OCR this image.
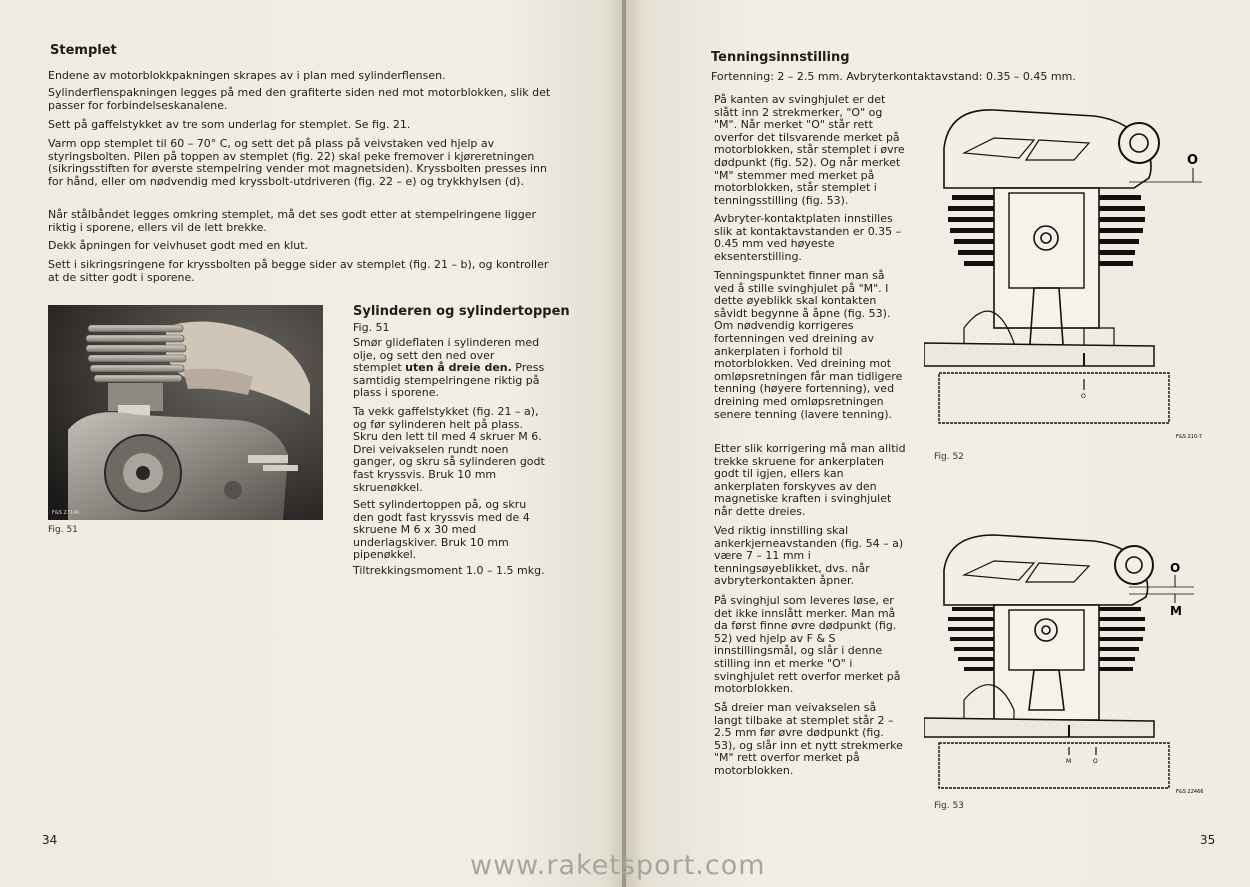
Stemplet

Endene av motorblokkpakningen skrapes av i plan med sylinderflensen.

Sylinderflenspakningen legges på med den grafiterte siden ned mot motorblokken, slik det passer for forbindelseskanalene.

Sett på gaffelstykket av tre som underlag for stemplet. Se fig. 21.

Varm opp stemplet til 60 – 70° C, og sett det på plass på veivstaken ved hjelp av styringsbolten. Pilen på toppen av stemplet (fig. 22) skal peke fremover i kjøreretningen (sikringsstiften for øverste stempelring vender mot magnetsiden). Kryssbolten presses inn for hånd, eller om nødvendig med kryssbolt-utdriveren (fig. 22 – e) og trykkhylsen (d).

Når stålbåndet legges omkring stemplet, må det ses godt etter at stempelringene ligger riktig i sporene, ellers vil de lett brekke.

Dekk åpningen for veivhuset godt med en klut.

Sett i sikringsringene for kryssbolten på begge sider av stemplet (fig. 21 – b), og kontroller at de sitter godt i sporene.

F&S 27146
Fig. 51
Sylinderen og sylindertoppen

Fig. 51

Smør glideflaten i sylinderen med olje, og sett den ned over stemplet uten å dreie den. Press samtidig stempelringene riktig på plass i sporene.

Ta vekk gaffelstykket (fig. 21 – a), og før sylinderen helt på plass. Skru den lett til med 4 skruer M 6. Drei veivakselen rundt noen ganger, og skru så sylinderen godt fast kryssvis. Bruk 10 mm skruenøkkel.

Sett sylindertoppen på, og skru den godt fast kryssvis med de 4 skruene M 6 x 30 med underlagskiver. Bruk 10 mm pipenøkkel.

Tiltrekkingsmoment 1.0 – 1.5 mkg.

34
Tenningsinnstilling

Fortenning: 2 – 2.5 mm. Avbryterkontaktavstand: 0.35 – 0.45 mm.

På kanten av svinghjulet er det slått inn 2 strekmerker, "O" og "M". Når merket "O" står rett overfor det tilsvarende merket på motorblokken, står stemplet i øvre dødpunkt (fig. 52). Og når merket "M" stemmer med merket på motorblokken, står stemplet i tenningsstilling (fig. 53).

Avbryter-kontaktplaten innstilles slik at kontaktavstanden er 0.35 – 0.45 mm ved høyeste eksenterstilling.

Tenningspunktet finner man så ved å stille svinghjulet på "M". I dette øyeblikk skal kontakten såvidt begynne å åpne (fig. 53). Om nødvendig korrigeres fortenningen ved dreining av ankerplaten i forhold til motorblokken. Ved dreining mot omløpsretningen får man tidligere tenning (høyere fortenning), ved dreining med omløpsretningen senere tenning (lavere tenning).

Etter slik korrigering må man alltid trekke skruene for ankerplaten godt til igjen, ellers kan ankerplaten forskyves av den magnetiske kraften i svinghjulet når dette dreies.

Ved riktig innstilling skal ankerkjerneavstanden (fig. 54 – a) være 7 – 11 mm i tenningsøyeblikket, dvs. når avbryterkontakten åpner.

På svinghjul som leveres løse, er det ikke innslått merker. Man må da først finne øvre dødpunkt (fig. 52) ved hjelp av F & S innstillingsmål, og slår i denne stilling inn et merke "O" i svinghjulet rett overfor merket på motorblokken.

Så dreier man veivakselen så langt tilbake at stemplet står 2 – 2.5 mm før øvre dødpunkt (fig. 53), og slår inn et nytt strekmerke "M" rett overfor merket på motorblokken.

O
O
F&S 210-7
Fig. 52
M	O
O
M
F&S 22466
Fig. 53
35
www.raketsport.com
